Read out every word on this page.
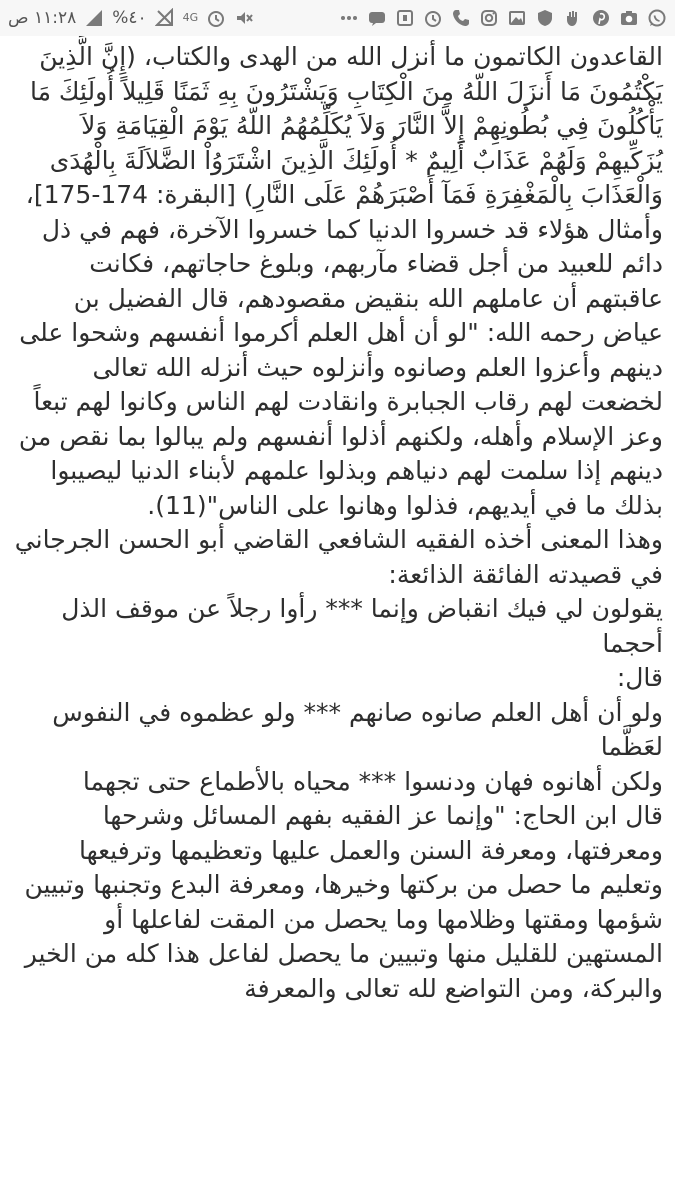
١١:٢٨ ص %٤٠	4G

القاعدون الكاتمون ما أنزل الله من الهدى والكتاب، (إِنَّ الَّذِينَ يَكْتُمُونَ مَا أَنزَلَ اللّهُ مِنَ الْكِتَابِ وَيَشْتَرُونَ بِهِ ثَمَنًا قَلِيلاً أُولَئِكَ مَا يَأْكُلُونَ فِي بُطُونِهِمْ إِلاَّ النَّارَ وَلاَ يُكَلِّمُهُمُ اللّهُ يَوْمَ الْقِيَامَةِ وَلاَ يُزَكِّيهِمْ وَلَهُمْ عَذَابٌ أَلِيمٌ * أُولَئِكَ الَّذِينَ اشْتَرَوُاْ الضَّلاَلَةَ بِالْهُدَى وَالْعَذَابَ بِالْمَغْفِرَةِ فَمَآ أَصْبَرَهُمْ عَلَى النَّارِ) [البقرة: 174-175]، وأمثال هؤلاء قد خسروا الدنيا كما خسروا الآخرة، فهم في ذل دائم للعبيد من أجل قضاء مآربهم، وبلوغ حاجاتهم، فكانت عاقبتهم أن عاملهم الله بنقيض مقصودهم، قال الفضيل بن عياض رحمه الله: "لو أن أهل العلم أكرموا أنفسهم وشحوا على دينهم وأعزوا العلم وصانوه وأنزلوه حيث أنزله الله تعالى لخضعت لهم رقاب الجبابرة وانقادت لهم الناس وكانوا لهم تبعاً وعز الإسلام وأهله، ولكنهم أذلوا أنفسهم ولم يبالوا بما نقص من دينهم إذا سلمت لهم دنياهم وبذلوا علمهم لأبناء الدنيا ليصيبوا بذلك ما في أيديهم، فذلوا وهانوا على الناس"(11).

وهذا المعنى أخذه الفقيه الشافعي القاضي أبو الحسن الجرجاني في قصيدته الفائقة الذائعة:

يقولون لي فيك انقباض وإنما *** رأوا رجلاً عن موقف الذل أحجما

قال:

ولو أن أهل العلم صانوه صانهم *** ولو عظموه في النفوس لعَظَّما

ولكن أهانوه فهان ودنسوا *** محياه بالأطماع حتى تجهما

قال ابن الحاج: "وإنما عز الفقيه بفهم المسائل وشرحها ومعرفتها، ومعرفة السنن والعمل عليها وتعظيمها وترفيعها وتعليم ما حصل من بركتها وخيرها، ومعرفة البدع وتجنبها وتبيين شؤمها ومقتها وظلامها وما يحصل من المقت لفاعلها أو المستهين للقليل منها وتبيين ما يحصل لفاعل هذا كله من الخير والبركة، ومن التواضع لله تعالى والمعرفة
